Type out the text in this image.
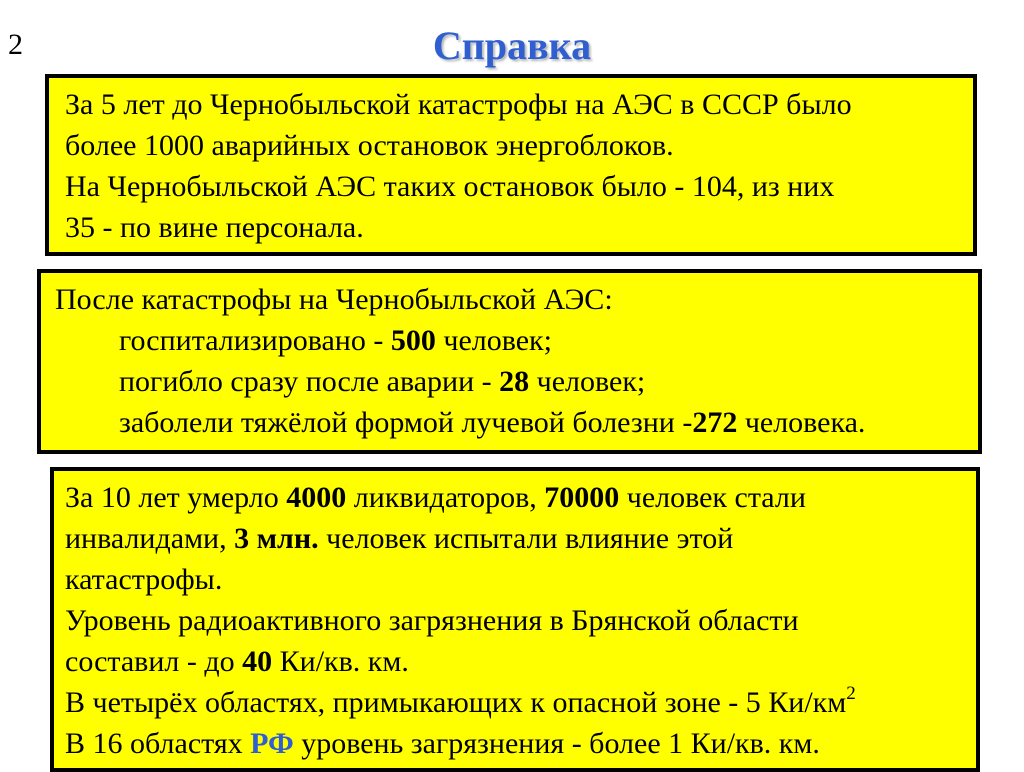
2	Справка
За 5 лет до Чернобыльской катастрофы на АЭС в СССР было
более 1000 аварийных остановок энергоблоков.
На Чернобыльской АЭС таких остановок было - 104, из них
35 - по вине персонала.
После катастрофы на Чернобыльской АЭС:
госпитализировано - 500 человек;
погибло сразу после аварии - 28 человек;
заболели тяжёлой формой лучевой болезни -272 человека.
За 10 лет умерло 4000 ликвидаторов, 70000 человек стали
инвалидами, 3 млн. человек испытали влияние этой
катастрофы.
Уровень радиоактивного загрязнения в Брянской области
составил - до 40 Ки/кв. км.
В четырёх областях, примыкающих к опасной зоне - 5 $Ки/км^2$
В 16 областях РФ уровень загрязнения - более 1 Ки/кв. км.
